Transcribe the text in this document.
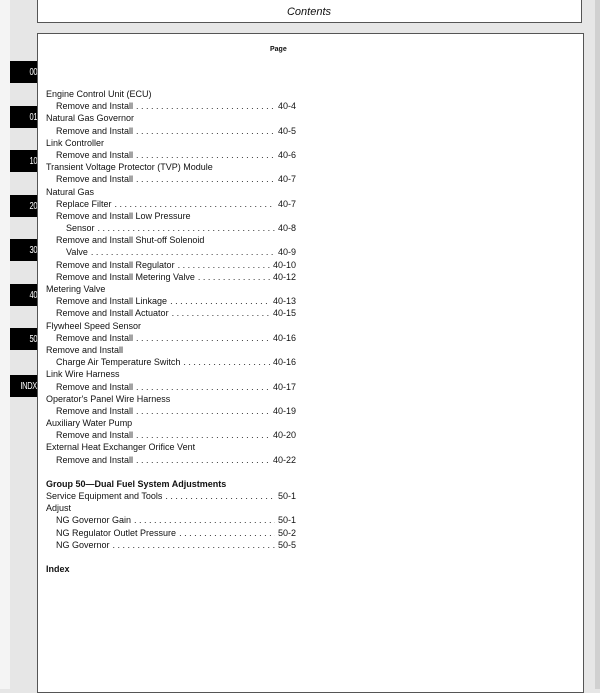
Contents
00
01
10
20
30
40
50
INDX
Page
Engine Control Unit (ECU)
Remove and Install . . .	40-4
Natural Gas Governor
Remove and Install . . .	40-5
Link Controller
Remove and Install . . .	40-6
Transient Voltage Protector (TVP) Module
Remove and Install . . .	40-7
Natural Gas
Replace Filter . . .	40-7
Remove and Install Low Pressure
Sensor . . .	40-8
Remove and Install Shut-off Solenoid
Valve . . .	40-9
Remove and Install Regulator . . .	40-10
Remove and Install Metering Valve . . .	40-12
Metering Valve
Remove and Install Linkage . . .	40-13
Remove and Install Actuator . . .	40-15
Flywheel Speed Sensor
Remove and Install . . .	40-16
Remove and Install
Charge Air Temperature Switch . . .	40-16
Link Wire Harness
Remove and Install . . .	40-17
Operator's Panel Wire Harness
Remove and Install . . .	40-19
Auxiliary Water Pump
Remove and Install . . .	40-20
External Heat Exchanger Orifice Vent
Remove and Install . . .	40-22
Group 50—Dual Fuel System Adjustments
Service Equipment and Tools . . .	50-1
Adjust
NG Governor Gain . . .	50-1
NG Regulator Outlet Pressure . . .	50-2
NG Governor . . .	50-5
Index
